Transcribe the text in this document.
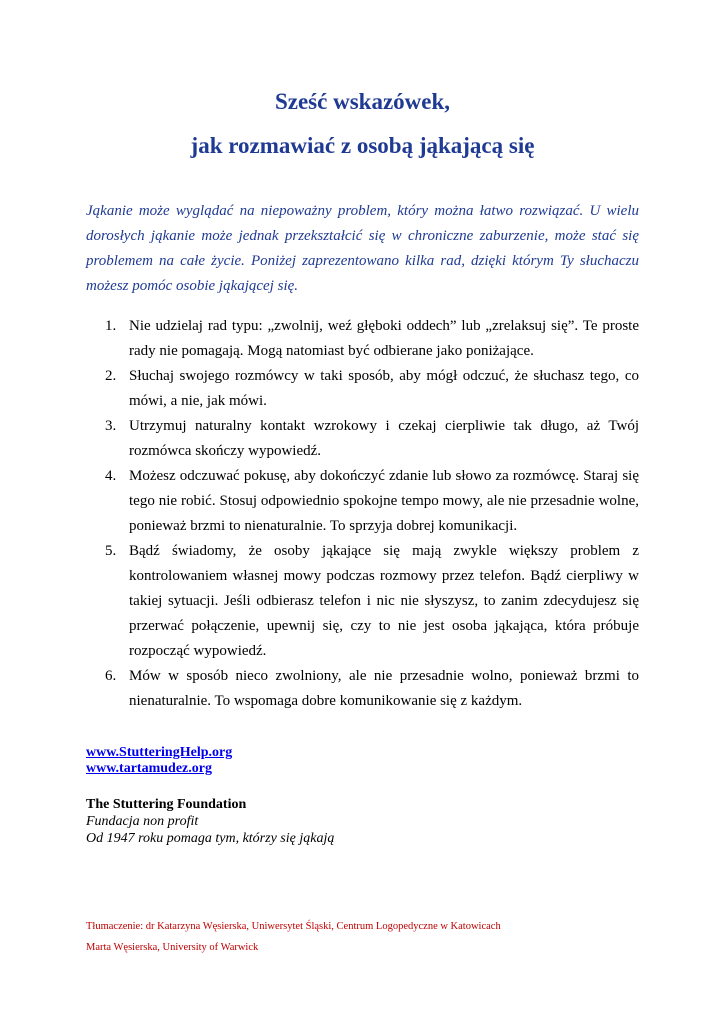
Sześć wskazówek,
jak rozmawiać z osobą jąkającą się

Jąkanie może wyglądać na niepoważny problem, który można łatwo rozwiązać. U wielu dorosłych jąkanie może jednak przekształcić się w chroniczne zaburzenie, może stać się problemem na całe życie. Poniżej zaprezentowano kilka rad, dzięki którym Ty słuchaczu możesz pomóc osobie jąkającej się.

1. Nie udzielaj rad typu: „zwolnij, weź głęboki oddech” lub „zrelaksuj się”. Te proste rady nie pomagają. Mogą natomiast być odbierane jako poniżające.
2. Słuchaj swojego rozmówcy w taki sposób, aby mógł odczuć, że słuchasz tego, co mówi, a nie, jak mówi.
3. Utrzymuj naturalny kontakt wzrokowy i czekaj cierpliwie tak długo, aż Twój rozmówca skończy wypowiedź.
4. Możesz odczuwać pokusę, aby dokończyć zdanie lub słowo za rozmówcę. Staraj się tego nie robić. Stosuj odpowiednio spokojne tempo mowy, ale nie przesadnie wolne, ponieważ brzmi to nienaturalnie. To sprzyja dobrej komunikacji.
5. Bądź świadomy, że osoby jąkające się mają zwykle większy problem z kontrolowaniem własnej mowy podczas rozmowy przez telefon. Bądź cierpliwy w takiej sytuacji. Jeśli odbierasz telefon i nic nie słyszysz, to zanim zdecydujesz się przerwać połączenie, upewnij się, czy to nie jest osoba jąkająca, która próbuje rozpocząć wypowiedź.
6. Mów w sposób nieco zwolniony, ale nie przesadnie wolno, ponieważ brzmi to nienaturalnie. To wspomaga dobre komunikowanie się z każdym.
www.StutteringHelp.org
www.tartamudez.org
The Stuttering Foundation
Fundacja non profit
Od 1947 roku pomaga tym, którzy się jąkają
Tłumaczenie: dr Katarzyna Węsierska, Uniwersytet Śląski, Centrum Logopedyczne w Katowicach
Marta Węsierska, University of Warwick
